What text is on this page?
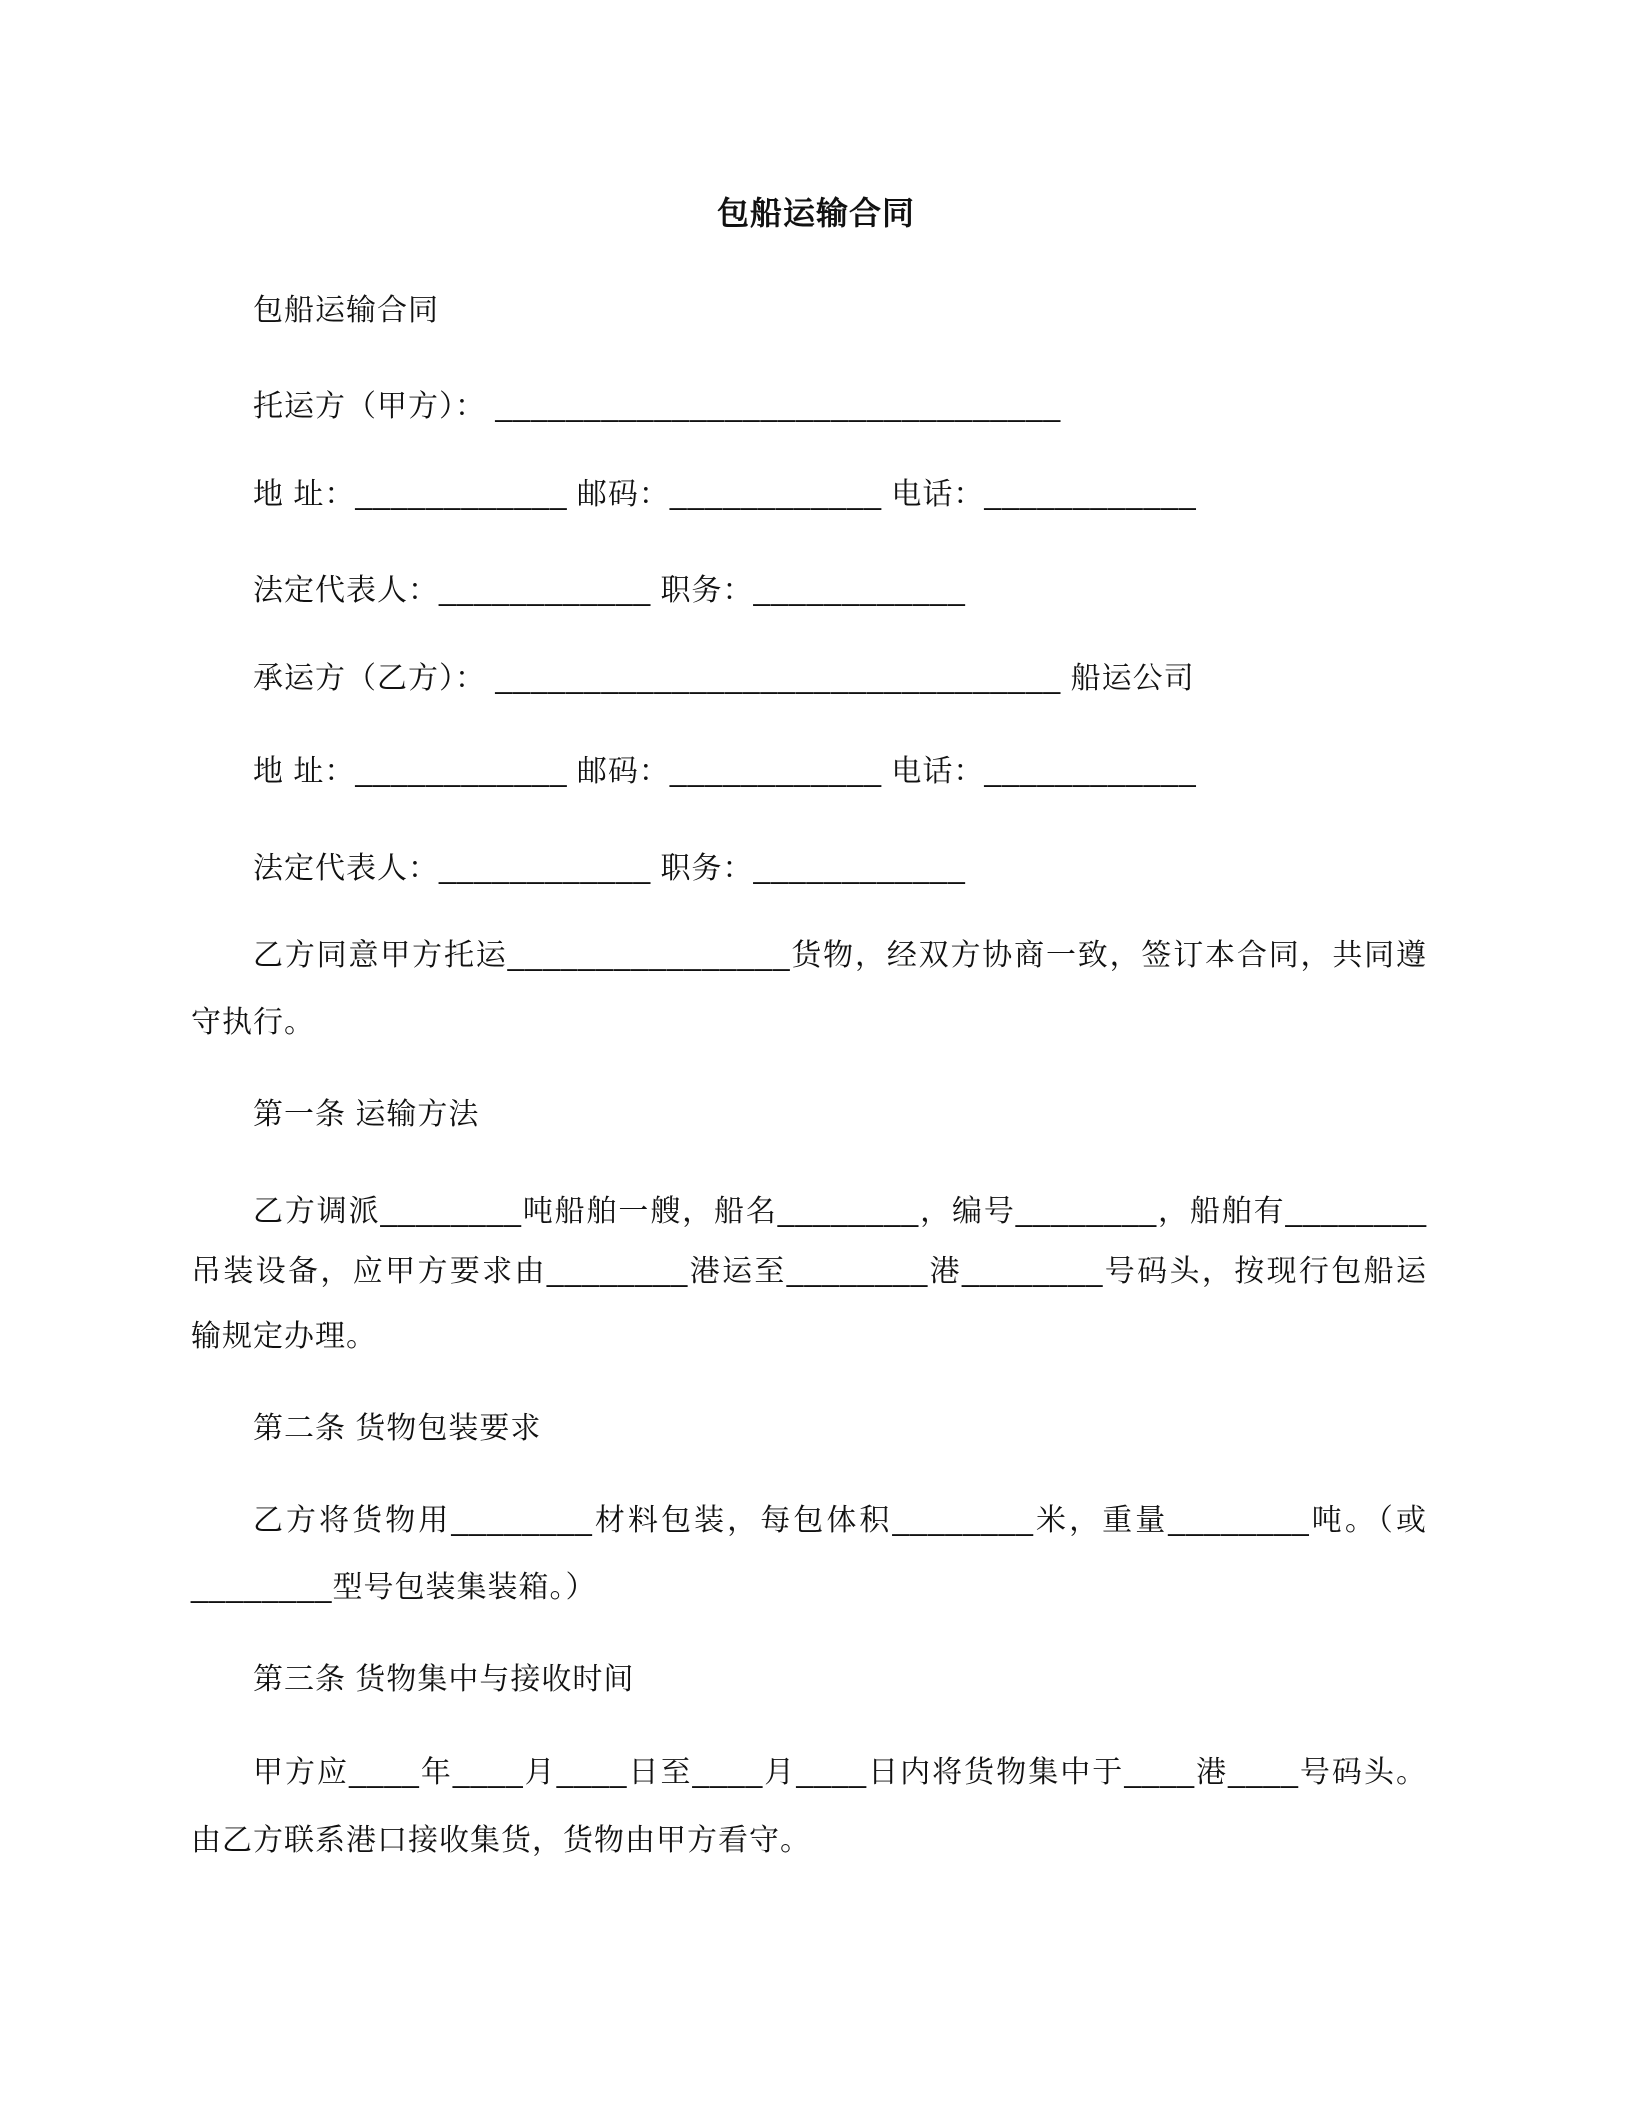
包船运输合同
包船运输合同
托运方（甲方）： ________________________________
地 址：____________ 邮码：____________ 电话：____________
法定代表人：____________ 职务：____________
承运方（乙方）： ________________________________ 船运公司
地 址：____________ 邮码：____________ 电话：____________
法定代表人：____________ 职务：____________
乙方同意甲方托运________________货物，经双方协商一致，签订本合同，共同遵
守执行。
第一条 运输方法
乙方调派________吨船舶一艘，船名________，编号________，船舶有________
吊装设备，应甲方要求由________港运至________港________号码头，按现行包船运
输规定办理。
第二条 货物包装要求
乙方将货物用________材料包装，每包体积________米，重量________吨。（或
________型号包装集装箱。）
第三条 货物集中与接收时间
甲方应____年____月____日至____月____日内将货物集中于____港____号码头。
由乙方联系港口接收集货，货物由甲方看守。
